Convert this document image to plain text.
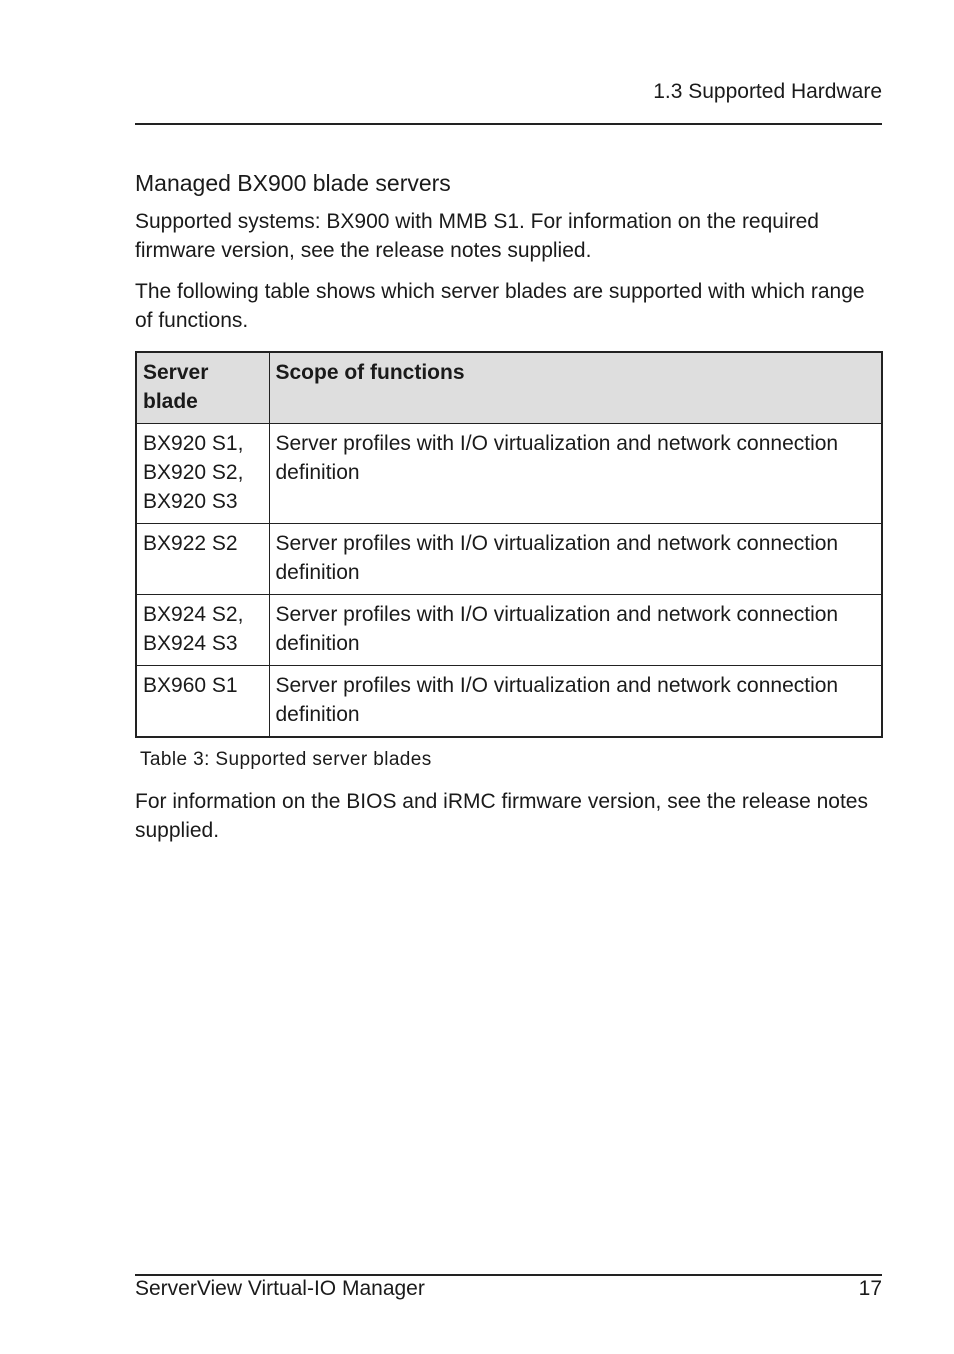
1.3 Supported Hardware
Managed BX900 blade servers

Supported systems: BX900 with MMB S1. For information on the required firmware version, see the release notes supplied.

The following table shows which server blades are supported with which range of functions.

Server blade	Scope of functions

BX920 S1,
BX920 S2,
BX920 S3	Server profiles with I/O virtualization and network connection definition

BX922 S2	Server profiles with I/O virtualization and network connection definition

BX924 S2,
BX924 S3	Server profiles with I/O virtualization and network connection definition

BX960 S1	Server profiles with I/O virtualization and network connection definition
Table 3: Supported server blades

For information on the BIOS and iRMC firmware version, see the release notes supplied.

ServerView Virtual-IO Manager	17
